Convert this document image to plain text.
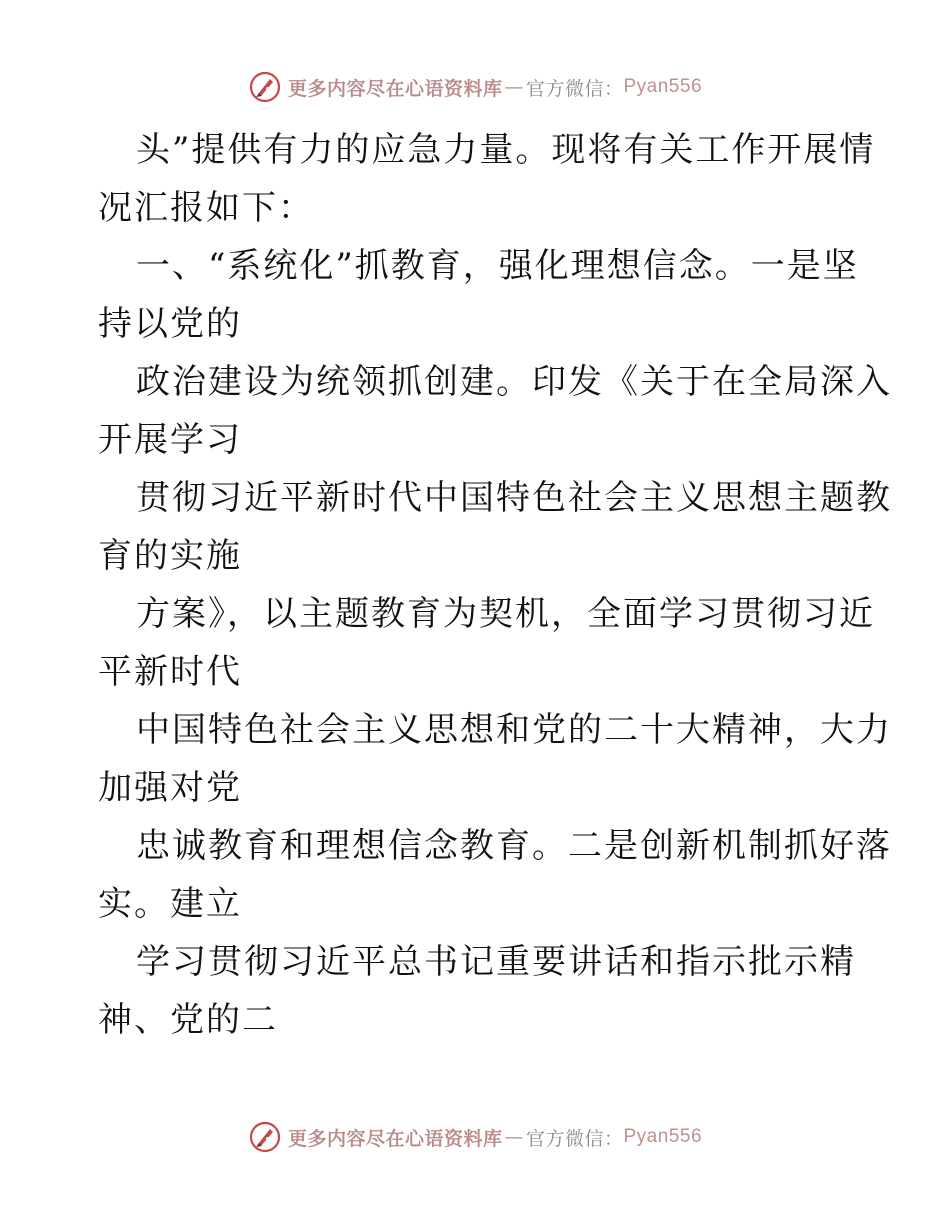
更多内容尽在心语资料库 — 官方微信： Pyan556
头”提供有力的应急力量。现将有关工作开展情
况汇报如下：
一、“系统化”抓教育，强化理想信念。一是坚
持以党的
政治建设为统领抓创建。印发《关于在全局深入
开展学习
贯彻习近平新时代中国特色社会主义思想主题教
育的实施
方案》，以主题教育为契机，全面学习贯彻习近
平新时代
中国特色社会主义思想和党的二十大精神，大力
加强对党
忠诚教育和理想信念教育。二是创新机制抓好落
实。建立
学习贯彻习近平总书记重要讲话和指示批示精
神、党的二
更多内容尽在心语资料库 — 官方微信： Pyan556
